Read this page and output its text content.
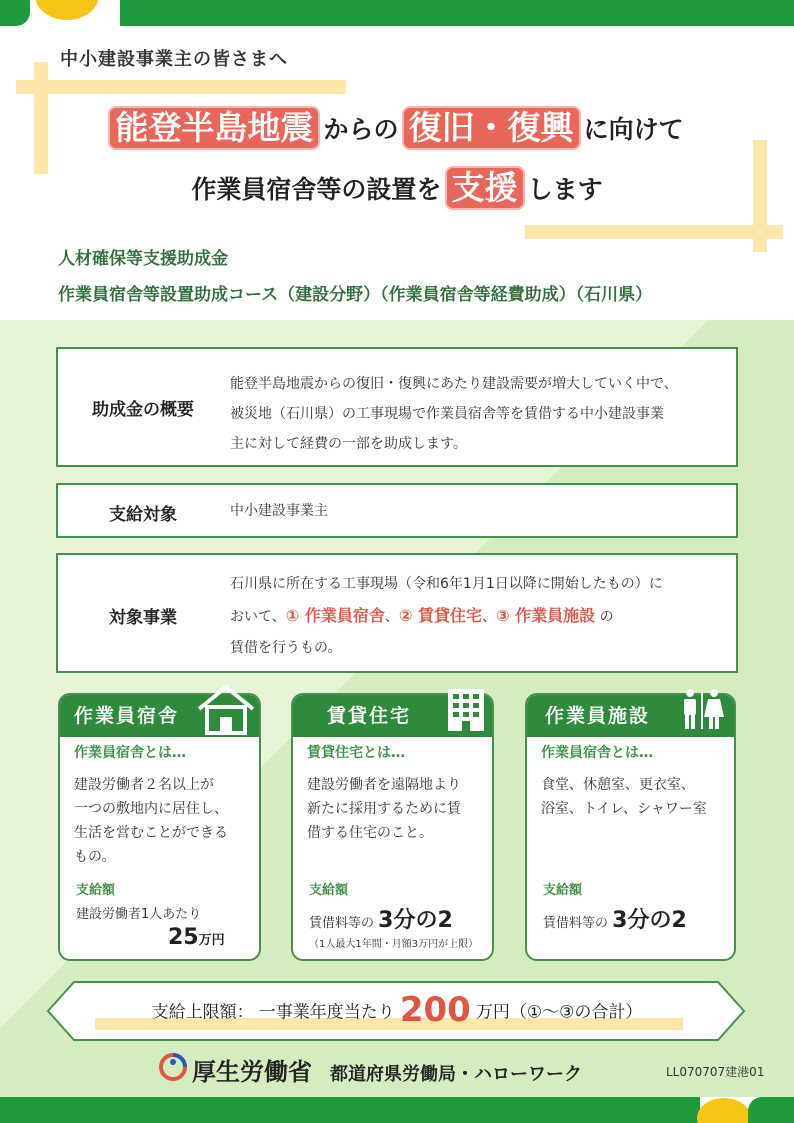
中小建設事業主の皆さまへ
能登半島地震 からの 復旧・復興 に向けて
作業員宿舎等の設置を 支援 します
人材確保等支援助成金
作業員宿舎等設置助成コース（建設分野）（作業員宿舎等経費助成）（石川県）
助成金の概要
能登半島地震からの復旧・復興にあたり建設需要が増大していく中で、
被災地（石川県）の工事現場で作業員宿舎等を賃借する中小建設事業
主に対して経費の一部を助成します。
支給対象	中小建設事業主
対象事業
石川県に所在する工事現場（令和6年1月1日以降に開始したもの）に
おいて、① 作業員宿舎、② 賃貸住宅、③ 作業員施設 の
賃借を行うもの。
作業員宿舎
作業員宿舎とは…
建設労働者２名以上が
一つの敷地内に居住し、
生活を営むことができる
もの。
支給額
建設労働者1人あたり
25万円
賃貸住宅
賃貸住宅とは…
建設労働者を遠隔地より
新たに採用するために賃
借する住宅のこと。
支給額
賃借料等の 3分の2
（1人最大1年間・月額3万円が上限）
作業員施設
作業員宿舎とは…
食堂、休憩室、更衣室、
浴室、トイレ、シャワー室
支給額
賃借料等の 3分の2
支給上限額： 一事業年度当たり 200 万円（①～③の合計）
厚生労働省 都道府県労働局・ハローワーク	LL070707建港01
